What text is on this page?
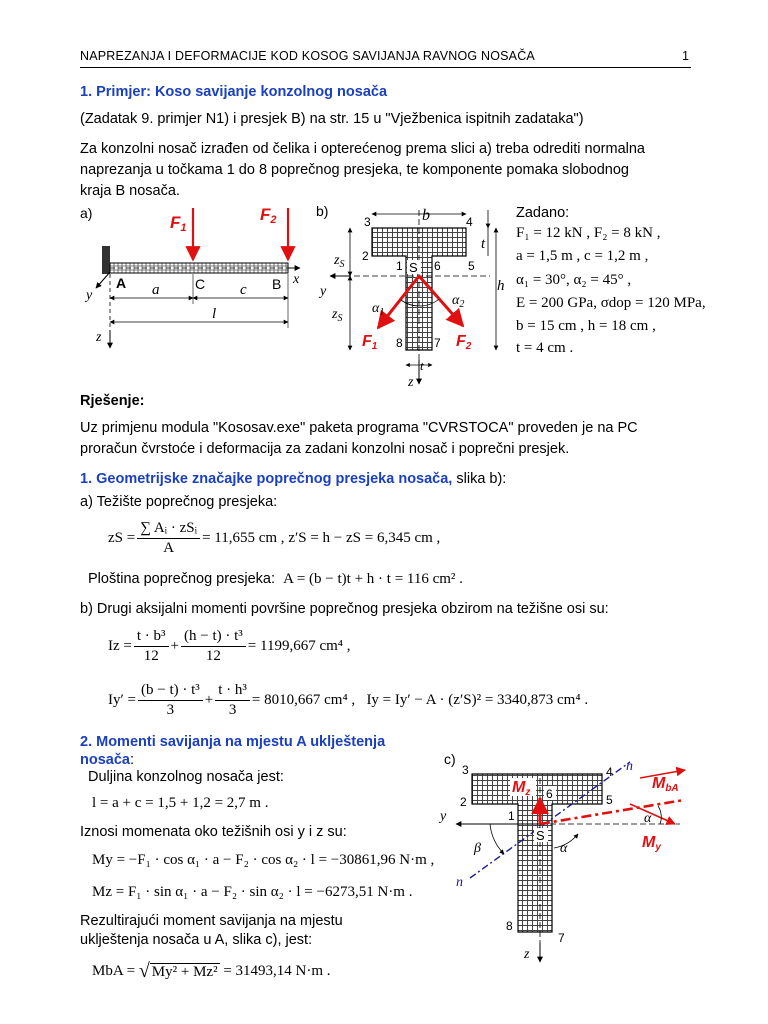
NAPREZANJA I DEFORMACIJE KOD KOSOG SAVIJANJA RAVNOG NOSAČA	1
1. Primjer: Koso savijanje konzolnog nosača
(Zadatak 9. primjer N1) i presjek B) na str. 15 u "Vježbenica ispitnih zadataka")
Za konzolni nosač izrađen od čelika i opterećenog prema slici a) treba odrediti normalna
naprezanja u točkama 1 do 8 poprečnog presjeka, te komponente pomaka slobodnog
kraja B nosača.
a)
x
y
z
A	C	B
F1
F2
a	c
l
b)
y
z
b
t
h
$z_S$
$z_S$
3	4
2
5
1	6
8	7
S
F1	F2
$\alpha_1$
$\alpha_2$
t
Zadano:
F₁ = 12 kN , F₂ = 8 kN ,
a = 1,5 m , c = 1,2 m ,
α₁ = 30°, α₂ = 45° ,
E = 200 GPa, σdop = 120 MPa,
b = 15 cm , h = 18 cm ,
t = 4 cm .
Rješenje:
Uz primjenu modula "Kososav.exe" paketa programa "CVRSTOCA" proveden je na PC
proračun čvrstoće i deformacija za zadani konzolni nosač i poprečni presjek.
1. Geometrijske značajke poprečnog presjeka nosača, slika b):
a) Težište poprečnog presjeka:
zS = $\frac{\text{∑ Aᵢ · zSᵢ}}{A} = 11,655$ cm ,
z′S = h − zS = 6,345 cm ,
Ploština poprečnog presjeka: A = (b − t)t + h · t = 116 cm² .
b) Drugi aksijalni momenti površine poprečnog presjeka obzirom na težišne osi su:
$Iz = \frac{\text{t · b³}}{12} + \frac{\text{(h − t) · t³}}{12} = 1199,667$ cm⁴ ,
$Iy' = \frac{\text{(b − t) · t³}}{3} + \frac{\text{t · h³}}{3} = 8010,667$ cm⁴ ,
Iy = Iy′ − A · (z′S)² = 3340,873 cm⁴ .
2. Momenti savijanja na mjestu A uklještenja
nosača:
Duljina konzolnog nosača jest:
l = a + c = 1,5 + 1,2 = 2,7 m .
Iznosi momenata oko težišnih osi y i z su:
My = −F₁ · cos α₁ · a − F₂ · cos α₂ · l = −30861,96 N·m ,
Mz = F₁ · sin α₁ · a − F₂ · sin α₂ · l = −6273,51 N·m .
Rezultirajući moment savijanja na mjestu
uklještenja nosača u A, slika c), jest:
MbA =
√ My² + Mz²
= 31493,14 N·m .
c)
y
z
n
n
MbA
My
Mz
3	4
2	5
1
6
8
7
S
β	α
α
